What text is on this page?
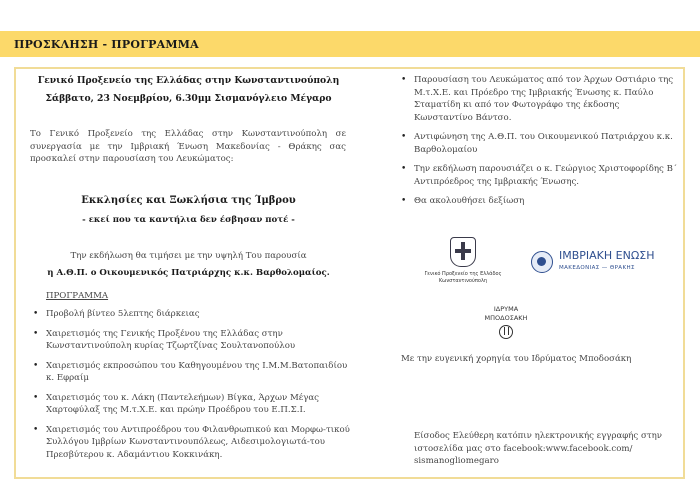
ΠΡΟΣΚΛΗΣΗ - ΠΡΟΓΡΑΜΜΑ
Γενικό Προξενείο της Ελλάδας στην Κωνσταντινούπολη
Σάββατο, 23 Νοεμβρίου, 6.30μμ Σισμανόγλειο Μέγαρο
Το Γενικό Προξενείο της Ελλάδας στην Κωνσταντινούπολη σε συνεργασία με την Ιμβριακή Ένωση Μακεδονίας - Θράκης σας προσκαλεί στην παρουσίαση του Λευκώματος:
Εκκλησίες και Ξωκλήσια της Ίμβρου
- εκεί που τα καντήλια δεν έσβησαν ποτέ -
Την εκδήλωση θα τιμήσει με την υψηλή Του παρουσία
η Α.Θ.Π. ο Οικουμενικός Πατριάρχης κ.κ. Βαρθολομαίος.
ΠΡΟΓΡΑΜΜΑ
• Προβολή βίντεο 5λεπτης διάρκειας
• Χαιρετισμός της Γενικής Προξένου της Ελλάδας στην Κωνσταντινούπολη κυρίας Τζωρτζίνας Σουλτανοπούλου
• Χαιρετισμός εκπροσώπου του Καθηγουμένου της Ι.Μ.Μ.Βατοπαιδίου κ. Εφραίμ
• Χαιρετισμός του κ. Λάκη (Παντελεήμων) Βίγκα, Άρχων Μέγας Χαρτοφύλαξ της Μ.τ.Χ.Ε. και πρώην Προέδρου του Ε.Π.Σ.Ι.
• Χαιρετισμός του Αντιπροέδρου του Φιλανθρωπικού και Μορφω-τικού Συλλόγου Ιμβρίων Κωνσταντινουπόλεως, Αιδεσιμολογιωτά-του Πρεσβύτερου κ. Αδαμάντιου Κοκκινάκη.
• Παρουσίαση του Λευκώματος από τον Άρχων Οστιάριο της Μ.τ.Χ.Ε. και Πρόεδρο της Ιμβριακής Ένωσης κ. Παύλο Σταματίδη κι από τον Φωτογράφο της έκδοσης Κωνσταντίνο Βάντσο.
• Αντιφώνηση της Α.Θ.Π. του Οικουμενικού Πατριάρχου κ.κ. Βαρθολομαίου
• Την εκδήλωση παρουσιάζει ο κ. Γεώργιος Χριστοφορίδης Β΄ Αντιπρόεδρος της Ιμβριακής Ένωσης.
• Θα ακολουθήσει δεξίωση
Γενικό Προξενείο της Ελλάδος
Κωνσταντινούπολη
ΙΜΒΡΙΑΚΗ ΕΝΩΣΗ
ΜΑΚΕΔΟΝΙΑΣ — ΘΡΑΚΗΣ
ΙΔΡΥΜΑ
ΜΠΟΔΟΣΑΚΗ
Με την ευγενική χορηγία του Ιδρύματος Μποδοσάκη
Είσοδος Ελεύθερη κατόπιν ηλεκτρονικής εγγραφής στην ιστοσελίδα μας στο facebook:www.facebook.com/ sismanogliomegaro
